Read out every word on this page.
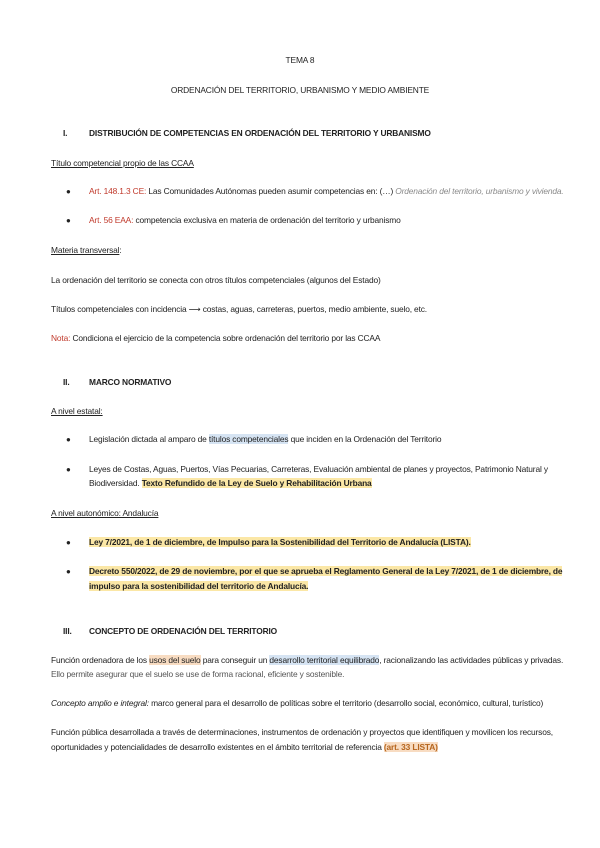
TEMA 8
ORDENACIÓN DEL TERRITORIO, URBANISMO Y MEDIO AMBIENTE
I.	DISTRIBUCIÓN DE COMPETENCIAS EN ORDENACIÓN DEL TERRITORIO Y URBANISMO
Título competencial propio de las CCAA
● Art. 148.1.3 CE: Las Comunidades Autónomas pueden asumir competencias en: (…) Ordenación del territorio, urbanismo y vivienda.
● Art. 56 EAA: competencia exclusiva en materia de ordenación del territorio y urbanismo
Materia transversal:
La ordenación del territorio se conecta con otros títulos competenciales (algunos del Estado)
Títulos competenciales con incidencia ⟶ costas, aguas, carreteras, puertos, medio ambiente, suelo, etc.
Nota: Condiciona el ejercicio de la competencia sobre ordenación del territorio por las CCAA
II. MARCO NORMATIVO
A nivel estatal:
● Legislación dictada al amparo de títulos competenciales que inciden en la Ordenación del Territorio
● Leyes de Costas, Aguas, Puertos, Vías Pecuarias, Carreteras, Evaluación ambiental de planes y proyectos, Patrimonio Natural y
Biodiversidad. Texto Refundido de la Ley de Suelo y Rehabilitación Urbana
A nivel autonómico: Andalucía
● Ley 7/2021, de 1 de diciembre, de Impulso para la Sostenibilidad del Territorio de Andalucía (LISTA).
● Decreto 550/2022, de 29 de noviembre, por el que se aprueba el Reglamento General de la Ley 7/2021, de 1 de diciembre, de
impulso para la sostenibilidad del territorio de Andalucía.
III. CONCEPTO DE ORDENACIÓN DEL TERRITORIO
Función ordenadora de los usos del suelo para conseguir un desarrollo territorial equilibrado, racionalizando las actividades públicas y privadas.
Ello permite asegurar que el suelo se use de forma racional, eficiente y sostenible.
Concepto amplio e integral: marco general para el desarrollo de políticas sobre el territorio (desarrollo social, económico, cultural, turístico)
Función pública desarrollada a través de determinaciones, instrumentos de ordenación y proyectos que identifiquen y movilicen los recursos,
oportunidades y potencialidades de desarrollo existentes en el ámbito territorial de referencia (art. 33 LISTA)
